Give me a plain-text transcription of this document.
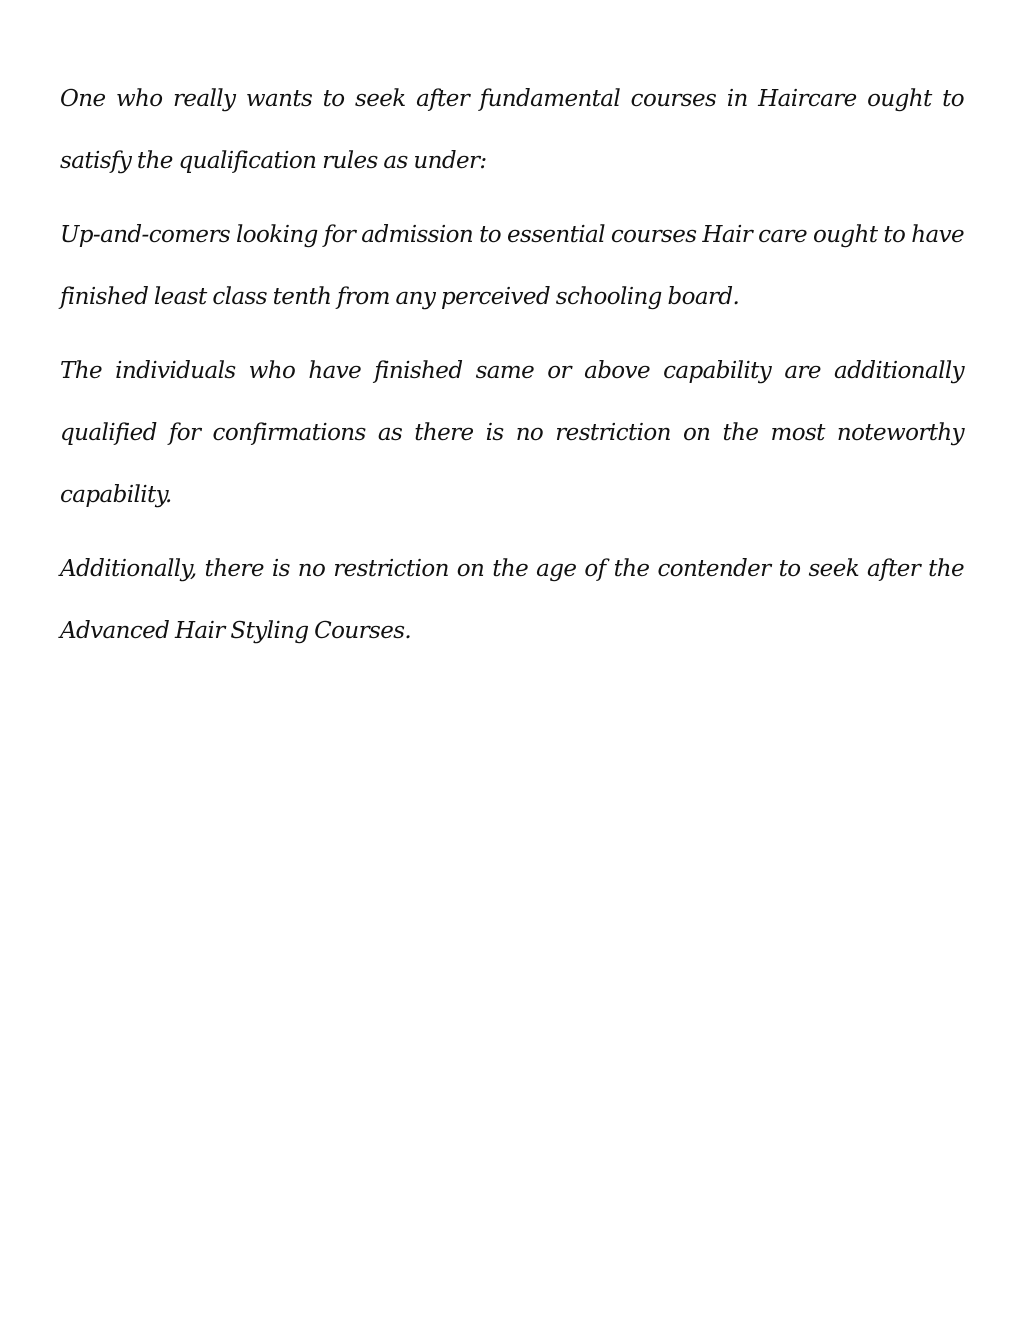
One who really wants to seek after fundamental courses in Haircare ought to satisfy the qualification rules as under:

Up-and-comers looking for admission to essential courses Hair care ought to have finished least class tenth from any perceived schooling board.

The individuals who have finished same or above capability are additionally qualified for confirmations as there is no restriction on the most noteworthy capability.

Additionally, there is no restriction on the age of the contender to seek after the Advanced Hair Styling Courses.
